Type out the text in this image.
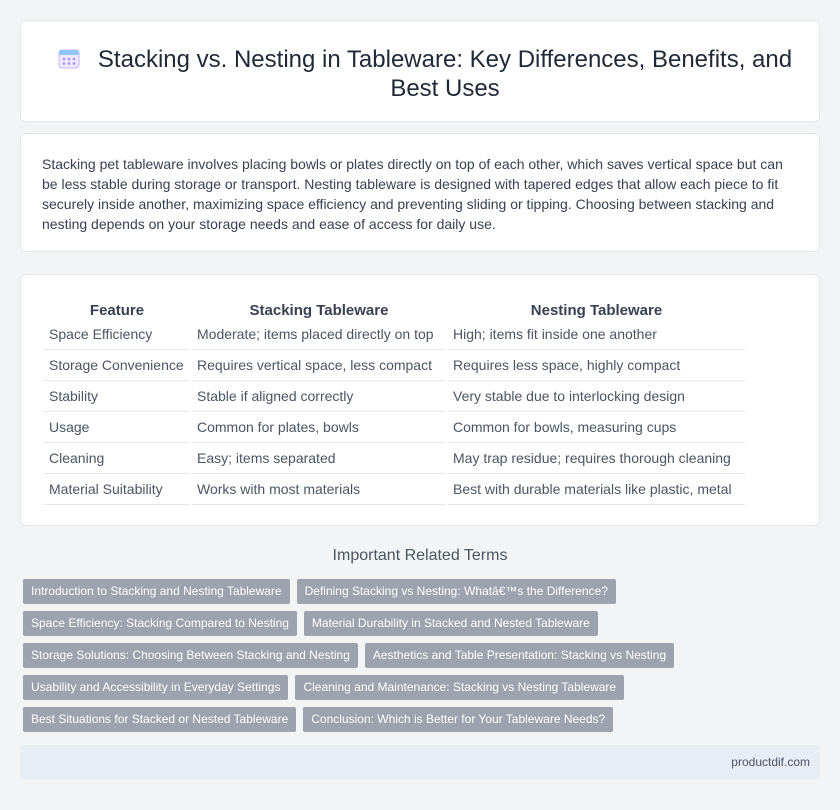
Stacking vs. Nesting in Tableware: Key Differences, Benefits, and Best Uses

Stacking pet tableware involves placing bowls or plates directly on top of each other, which saves vertical space but can be less stable during storage or transport. Nesting tableware is designed with tapered edges that allow each piece to fit securely inside another, maximizing space efficiency and preventing sliding or tipping. Choosing between stacking and nesting depends on your storage needs and ease of access for daily use.

Feature	Stacking Tableware	Nesting Tableware
Space Efficiency	Moderate; items placed directly on top	High; items fit inside one another
Storage Convenience	Requires vertical space, less compact	Requires less space, highly compact
Stability	Stable if aligned correctly	Very stable due to interlocking design
Usage	Common for plates, bowls	Common for bowls, measuring cups
Cleaning	Easy; items separated	May trap residue; requires thorough cleaning
Material Suitability	Works with most materials	Best with durable materials like plastic, metal
Important Related Terms
Introduction to Stacking and Nesting Tableware	Defining Stacking vs Nesting: Whatâ€™s the Difference?
Space Efficiency: Stacking Compared to Nesting	Material Durability in Stacked and Nested Tableware
Storage Solutions: Choosing Between Stacking and Nesting	Aesthetics and Table Presentation: Stacking vs Nesting
Usability and Accessibility in Everyday Settings	Cleaning and Maintenance: Stacking vs Nesting Tableware
Best Situations for Stacked or Nested Tableware	Conclusion: Which is Better for Your Tableware Needs?
productdif.com
